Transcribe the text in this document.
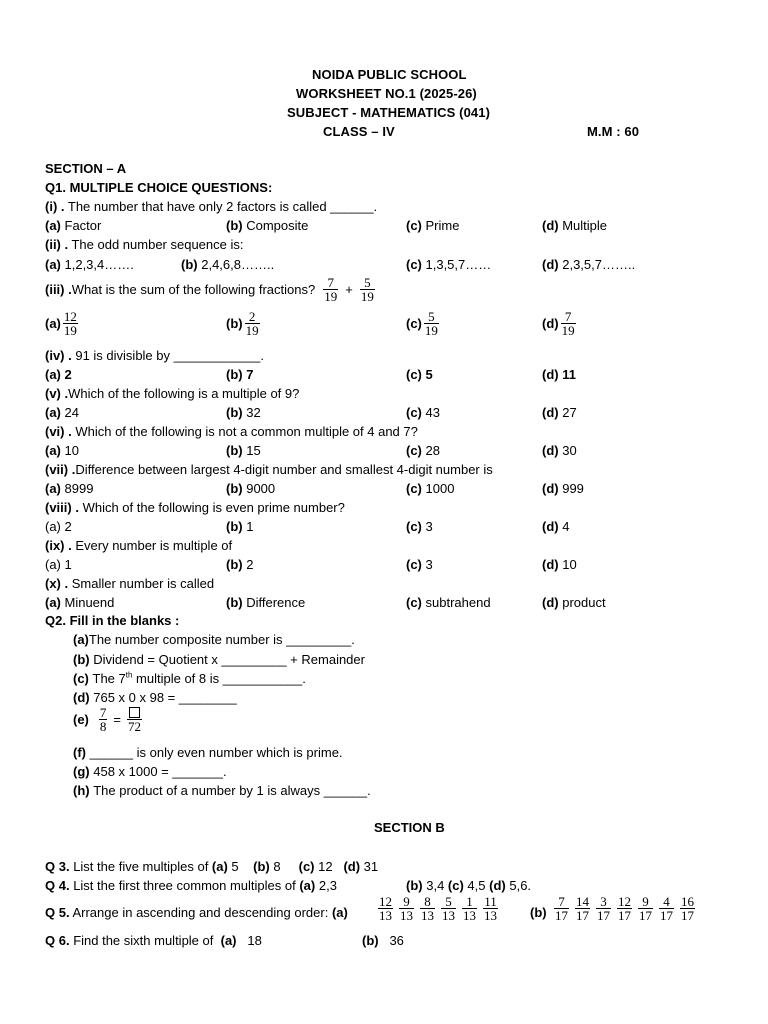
NOIDA PUBLIC SCHOOL
WORKSHEET NO.1 (2025-26)
SUBJECT - MATHEMATICS (041)
CLASS – IV	M.M : 60
SECTION – A
Q1. MULTIPLE CHOICE QUESTIONS:
(i) . The number that have only 2 factors is called ______.
(a) Factor	(b) Composite	(c) Prime	(d) Multiple
(ii) . The odd number sequence is:
(a) 1,2,3,4…….	(b) 2,4,6,8……..	(c) 1,3,5,7……	(d) 2,3,5,7……..
(iii) . What is the sum of the following fractions? $\frac{7}{19} + \frac{5}{19}$
$(a) \frac{12}{19}$	$(b) \frac{2}{19}$	$(c) \frac{5}{19}$	$(d) \frac{7}{19}$
(iv) . 91 is divisible by ____________.
(a) 2	(b) 7	(c) 5	(d) 11
(v) .Which of the following is a multiple of 9?
(a) 24	(b) 32	(c) 43	(d) 27
(vi) . Which of the following is not a common multiple of 4 and 7?
(a) 10	(b) 15	(c) 28	(d) 30
(vii) .Difference between largest 4-digit number and smallest 4-digit number is
(a) 8999	(b) 9000	(c) 1000	(d) 999
(viii) . Which of the following is even prime number?
(a) 2	(b) 1	(c) 3	(d) 4
(ix) . Every number is multiple of
(a) 1	(b) 2	(c) 3	(d) 10
(x) . Smaller number is called
(a) Minuend	(b) Difference	(c) subtrahend	(d) product
Q2. Fill in the blanks :
(a)The number composite number is _________.
(b) Dividend = Quotient x _________ + Remainder
(c) The 7th multiple of 8 is ___________.
(d) 765 x 0 x 98 = ________
$(e) \frac{7}{8} = 72$
(f) ______ is only even number which is prime.
(g) 458 x 1000 = _______.
(h) The product of a number by 1 is always ______.
SECTION B
Q 3. List the five multiples of (a) 5 (b) 8 (c) 12 (d) 31
Q 4. List the first three common multiples of (a) 2,3	(b) 3,4 (c) 4,5 (d) 5,6.
Q 5. Arrange in ascending and descending order: $(a) \frac{12}{13} \frac{9}{13} \frac{8}{13} \frac{5}{13} \frac{1}{13} \frac{11}{13} (b) \frac{7}{17} \frac{14}{17} \frac{3}{17} \frac{12}{17} \frac{9}{17} \frac{4}{17} \frac{16}{17}$
Q 6. Find the sixth multiple of  (a) 18	(b) 36
